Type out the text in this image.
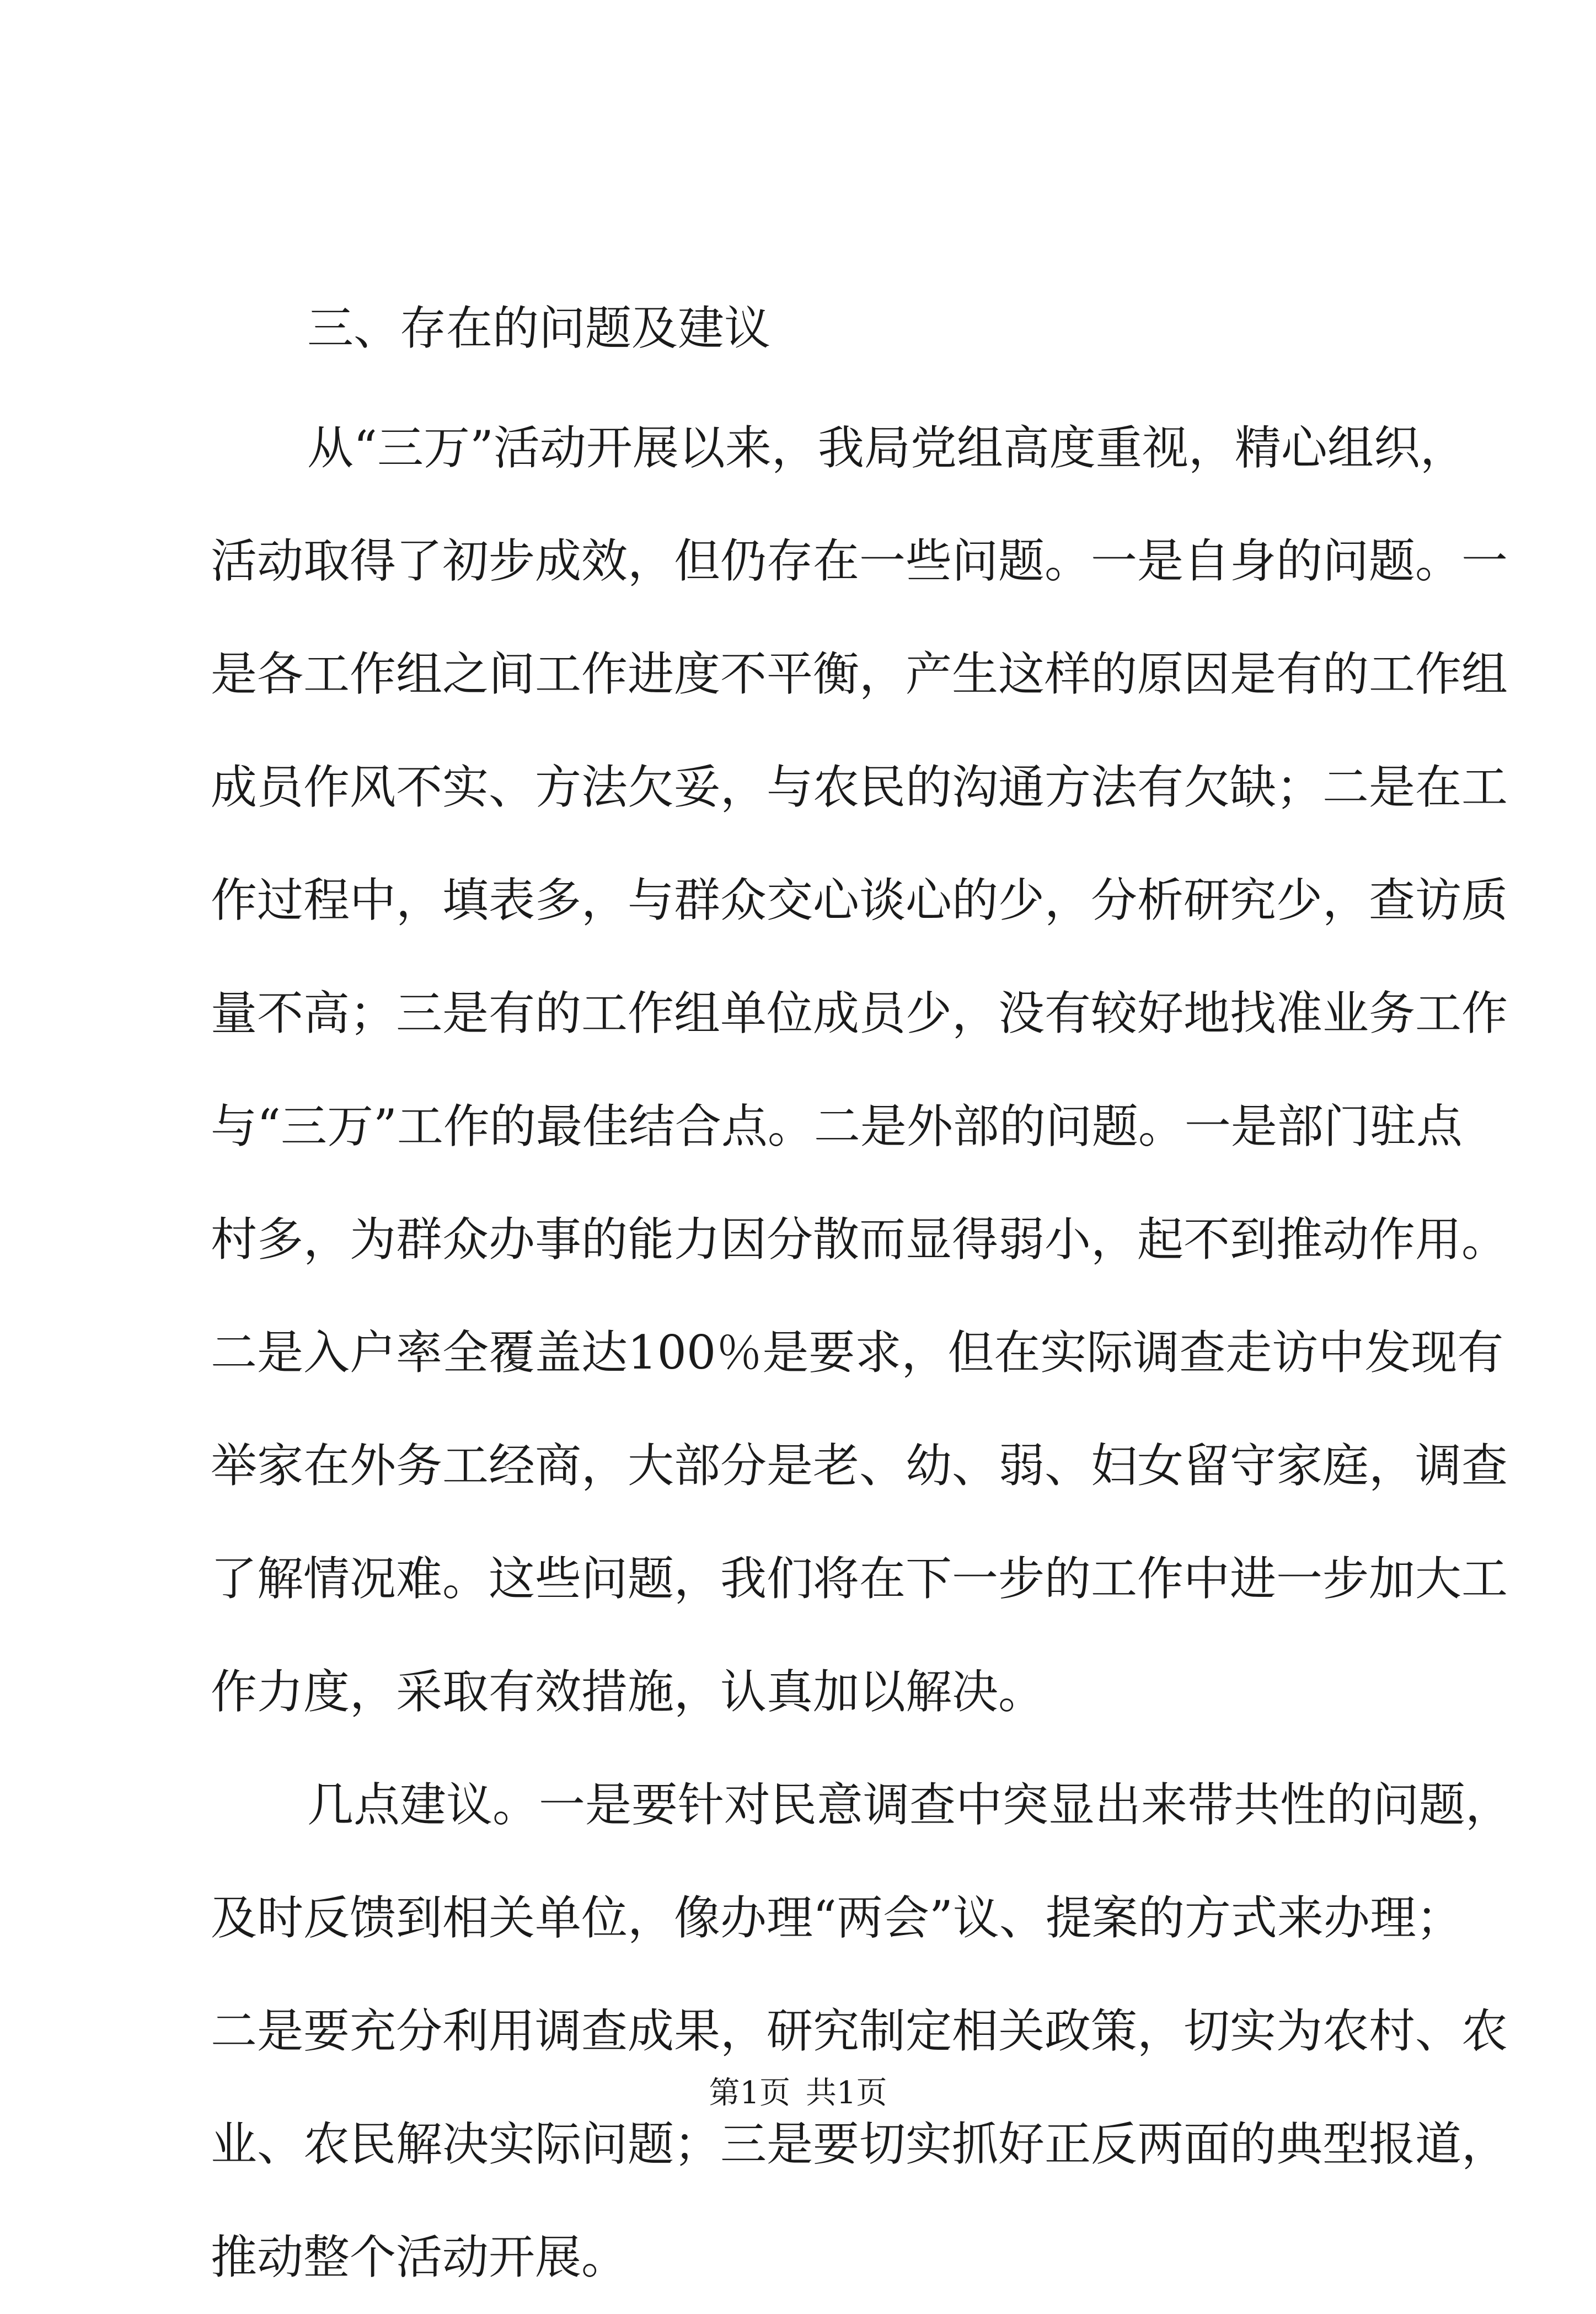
三、存在的问题及建议
从“三万”活动开展以来，我局党组高度重视，精心组织，
活动取得了初步成效，但仍存在一些问题。一是自身的问题。一
是各工作组之间工作进度不平衡，产生这样的原因是有的工作组
成员作风不实、方法欠妥，与农民的沟通方法有欠缺；二是在工
作过程中，填表多，与群众交心谈心的少，分析研究少，查访质
量不高；三是有的工作组单位成员少，没有较好地找准业务工作
与“三万”工作的最佳结合点。二是外部的问题。一是部门驻点
村多，为群众办事的能力因分散而显得弱小，起不到推动作用。
二是入户率全覆盖达100％是要求，但在实际调查走访中发现有
举家在外务工经商，大部分是老、幼、弱、妇女留守家庭，调查
了解情况难。这些问题，我们将在下一步的工作中进一步加大工
作力度，采取有效措施，认真加以解决。
几点建议。一是要针对民意调查中突显出来带共性的问题，
及时反馈到相关单位，像办理“两会”议、提案的方式来办理；
二是要充分利用调查成果，研究制定相关政策，切实为农村、农
业、农民解决实际问题；三是要切实抓好正反两面的典型报道，
推动整个活动开展。
第1页 共1页
